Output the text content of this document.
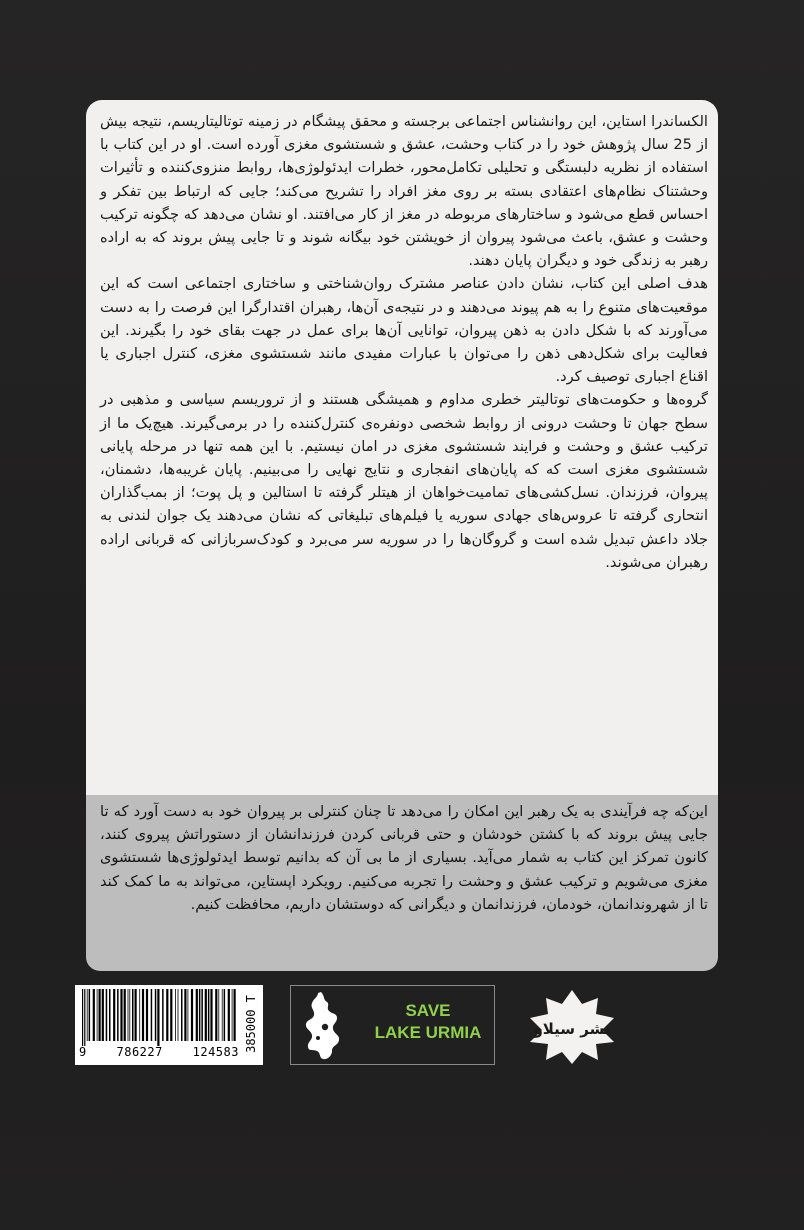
الکساندرا استاین، این روانشناس اجتماعی برجسته و محقق پیشگام در زمینه توتالیتاریسم، نتیجه بیش از 25 سال پژوهش خود را در کتاب وحشت، عشق و شستشوی مغزی آورده است. او در این کتاب با استفاده از نظریه دلبستگی و تحلیلی تکامل‌محور، خطرات ایدئولوژی‌ها، روابط منزوی‌کننده و تأثیرات وحشتناک نظام‌های اعتقادی بسته بر روی مغز افراد را تشریح می‌کند؛ جایی که ارتباط بین تفکر و احساس قطع می‌شود و ساختارهای مربوطه در مغز از کار می‌افتند. او نشان می‌دهد که چگونه ترکیب وحشت و عشق، باعث می‌شود پیروان از خویشتن خود بیگانه شوند و تا جایی پیش بروند که به اراده رهبر به زندگی خود و دیگران پایان دهند.

هدف اصلی این کتاب، نشان دادن عناصر مشترک روان‌شناختی و ساختاری اجتماعی است که این موقعیت‌های متنوع را به هم پیوند می‌دهند و در نتیجه‌ی آن‌ها، رهبران اقتدارگرا این فرصت را به دست می‌آورند که با شکل دادن به ذهن پیروان، توانایی آن‌ها برای عمل در جهت بقای خود را بگیرند. این فعالیت برای شکل‌دهی ذهن را می‌توان با عبارات مفیدی مانند شستشوی مغزی، کنترل اجباری یا اقناع اجباری توصیف کرد.

گروه‌ها و حکومت‌های توتالیتر خطری مداوم و همیشگی هستند و از تروریسم سیاسی و مذهبی در سطح جهان تا وحشت درونی از روابط شخصی دونفره‌ی کنترل‌کننده را در برمی‌گیرند. هیچ‌یک ما از ترکیب عشق و وحشت و فرایند شستشوی مغزی در امان نیستیم. با این همه تنها در مرحله پایانی شستشوی مغزی است که که پایان‌های انفجاری و نتایج نهایی را می‌بینیم. پایان غریبه‌ها، دشمنان، پیروان، فرزندان. نسل‌کشی‌های تمامیت‌خواهان از هیتلر گرفته تا استالین و پل پوت؛ از بمب‌گذاران انتحاری گرفته تا عروس‌های جهادی سوریه یا فیلم‌های تبلیغاتی که نشان می‌دهند یک جوان لندنی به جلاد داعش تبدیل شده است و گروگان‌ها را در سوریه سر می‌برد و کودک‌سربازانی که قربانی اراده رهبران می‌شوند.

این‌که چه فرآیندی به یک رهبر این امکان را می‌دهد تا چنان کنترلی بر پیروان خود به دست آورد که تا جایی پیش بروند که با کشتن خودشان و حتی قربانی کردن فرزندانشان از دستوراتش پیروی کنند، کانون تمرکز این کتاب به شمار می‌آید. بسیاری از ما بی آن که بدانیم توسط ایدئولوژی‌ها شستشوی مغزی می‌شویم و ترکیب عشق و وحشت را تجربه می‌کنیم. رویکرد اپستاین، می‌تواند به ما کمک کند تا از شهروندانمان، خودمان، فرزندانمان و دیگرانی که دوستشان داریم، محافظت کنیم.

9 786227 124583 385000 T	SAVE
LAKE URMIA	نشر سیلاو
